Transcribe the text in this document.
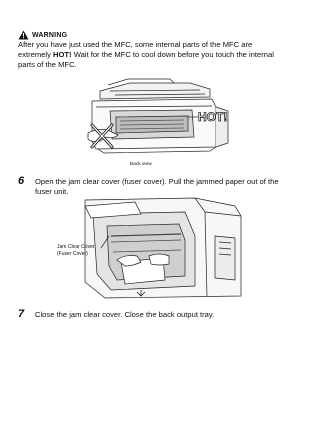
WARNING
After you have just used the MFC, some internal parts of the MFC are extremely HOT! Wait for the MFC to cool down before you touch the internal parts of the MFC.
HOT!
Back view
6 Open the jam clear cover (fuser cover). Pull the jammed paper out of the fuser unit.
Jam Clear Cover
(Fuser Cover)
7 Close the jam clear cover. Close the back output tray.
